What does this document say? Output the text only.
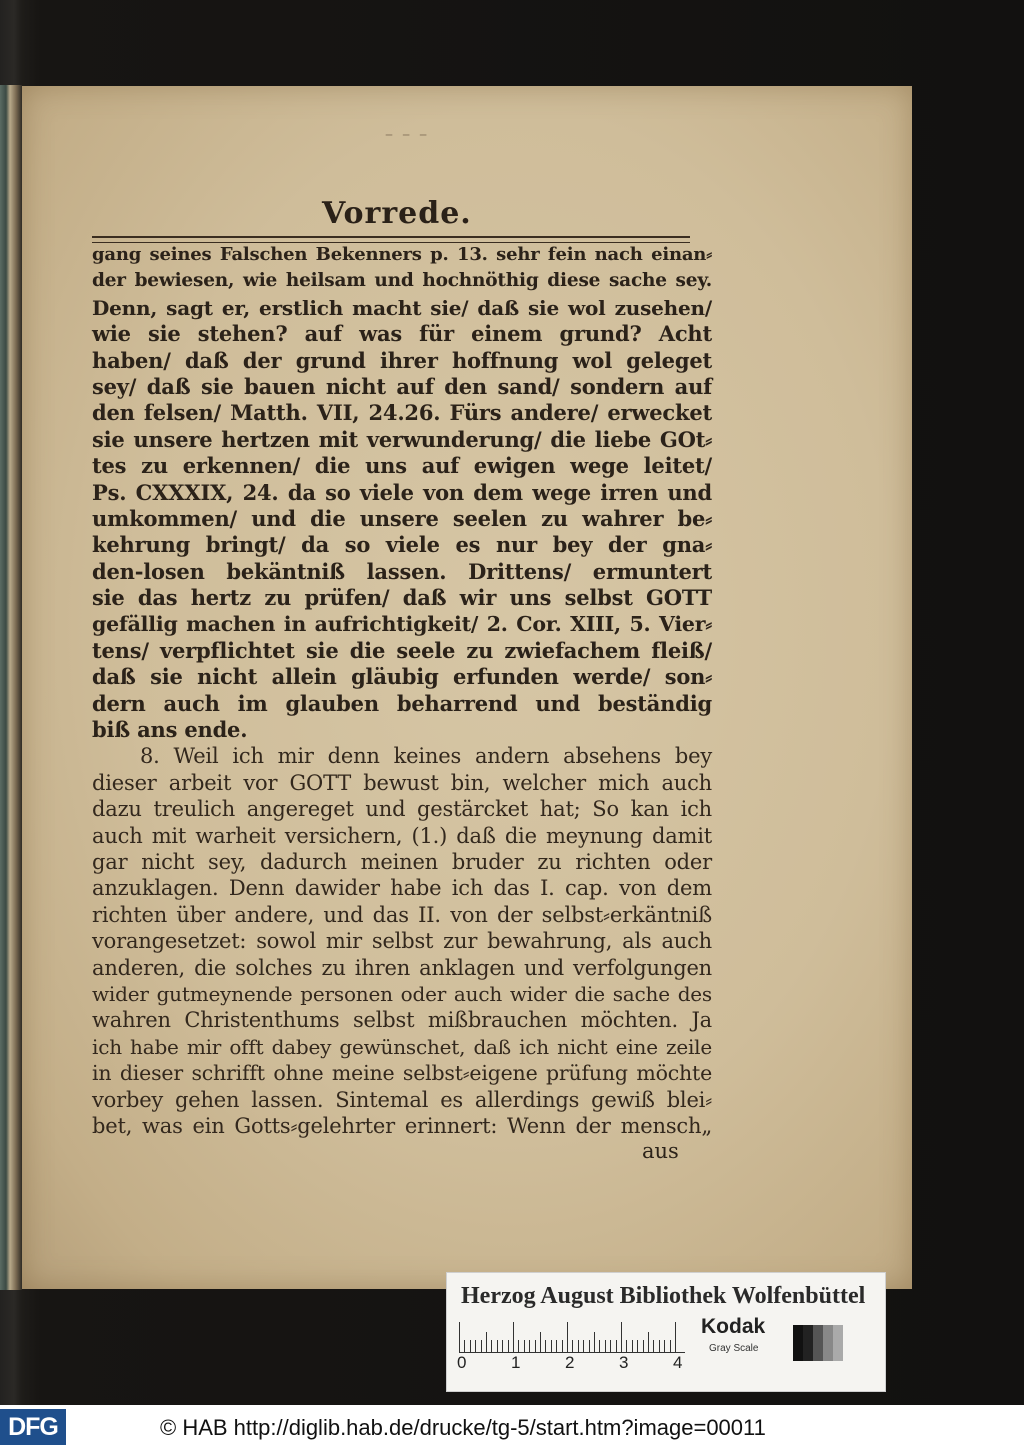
– – –
Vorrede.
gang seines Falschen Bekenners p. 13. sehr fein nach einan⸗
der bewiesen, wie heilsam und hochnöthig diese sache sey.
Denn, sagt er, erstlich macht sie/ daß sie wol zusehen/
wie sie stehen? auf was für einem grund? Acht
haben/ daß der grund ihrer hoffnung wol geleget
sey/ daß sie bauen nicht auf den sand/ sondern auf
den felsen/ Matth. VII, 24.26. Fürs andere/ erwecket
sie unsere hertzen mit verwunderung/ die liebe GOt⸗
tes zu erkennen/ die uns auf ewigen wege leitet/
Ps. CXXXIX, 24. da so viele von dem wege irren und
umkommen/ und die unsere seelen zu wahrer be⸗
kehrung bringt/ da so viele es nur bey der gna⸗
den-losen bekäntniß lassen. Drittens/ ermuntert
sie das hertz zu prüfen/ daß wir uns selbst GOTT
gefällig machen in aufrichtigkeit/ 2. Cor. XIII, 5. Vier⸗
tens/ verpflichtet sie die seele zu zwiefachem fleiß/
daß sie nicht allein gläubig erfunden werde/ son⸗
dern auch im glauben beharrend und beständig
biß ans ende.
8. Weil ich mir denn keines andern absehens bey
dieser arbeit vor GOTT bewust bin, welcher mich auch
dazu treulich angereget und gestärcket hat; So kan ich
auch mit warheit versichern, (1.) daß die meynung damit
gar nicht sey, dadurch meinen bruder zu richten oder
anzuklagen. Denn dawider habe ich das I. cap. von dem
richten über andere, und das II. von der selbst⸗erkäntniß
vorangesetzet: sowol mir selbst zur bewahrung, als auch
anderen, die solches zu ihren anklagen und verfolgungen
wider gutmeynende personen oder auch wider die sache des
wahren Christenthums selbst mißbrauchen möchten. Ja
ich habe mir offt dabey gewünschet, daß ich nicht eine zeile
in dieser schrifft ohne meine selbst⸗eigene prüfung möchte
vorbey gehen lassen. Sintemal es allerdings gewiß blei⸗
bet, was ein Gotts⸗gelehrter erinnert: Wenn der mensch„
aus
Herzog August Bibliothek Wolfenbüttel
0	1	2	3	4
Kodak
Gray Scale
DFG	© HAB http://diglib.hab.de/drucke/tg-5/start.htm?image=00011
